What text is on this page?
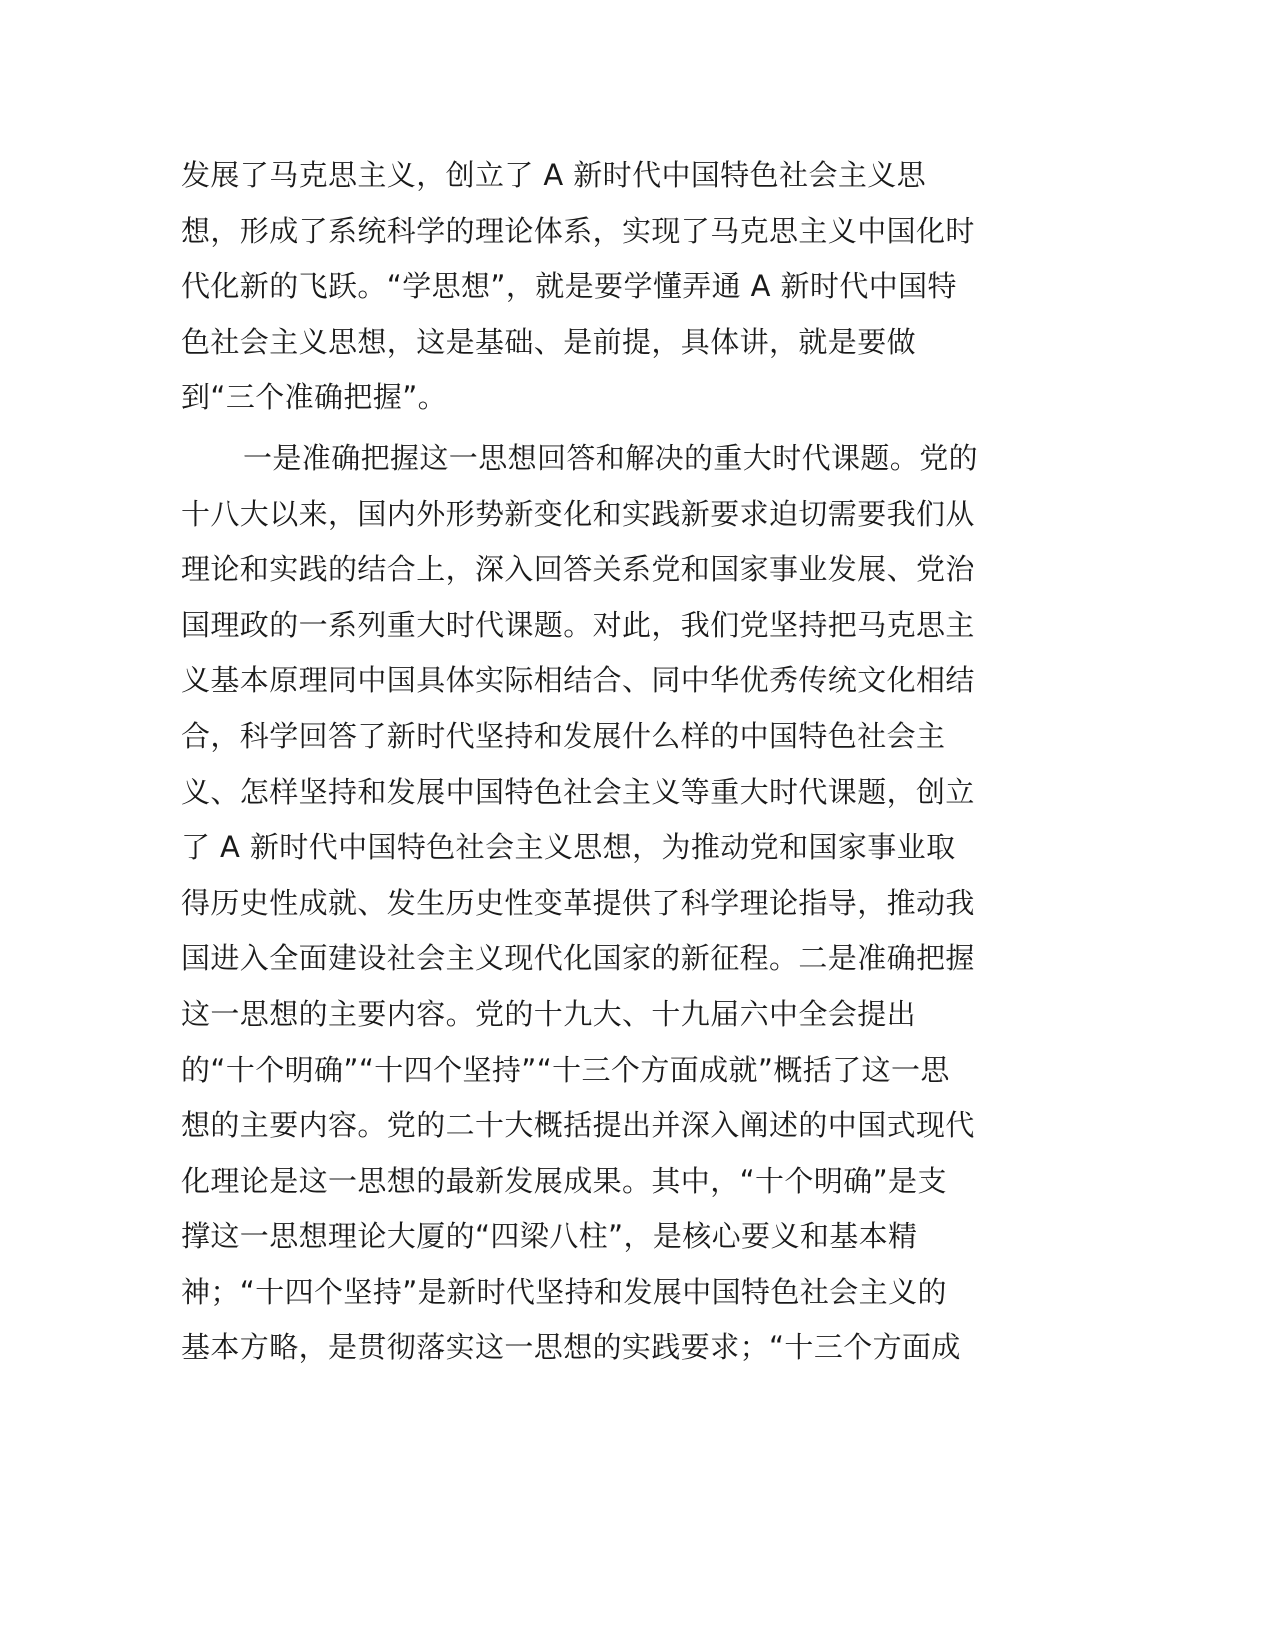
发展了马克思主义，创立了 A 新时代中国特色社会主义思
想，形成了系统科学的理论体系，实现了马克思主义中国化时
代化新的飞跃。“学思想”，就是要学懂弄通 A 新时代中国特
色社会主义思想，这是基础、是前提，具体讲，就是要做
到“三个准确把握”。
一是准确把握这一思想回答和解决的重大时代课题。党的
十八大以来，国内外形势新变化和实践新要求迫切需要我们从
理论和实践的结合上，深入回答关系党和国家事业发展、党治
国理政的一系列重大时代课题。对此，我们党坚持把马克思主
义基本原理同中国具体实际相结合、同中华优秀传统文化相结
合，科学回答了新时代坚持和发展什么样的中国特色社会主
义、怎样坚持和发展中国特色社会主义等重大时代课题，创立
了 A 新时代中国特色社会主义思想，为推动党和国家事业取
得历史性成就、发生历史性变革提供了科学理论指导，推动我
国进入全面建设社会主义现代化国家的新征程。二是准确把握
这一思想的主要内容。党的十九大、十九届六中全会提出
的“十个明确”“十四个坚持”“十三个方面成就”概括了这一思
想的主要内容。党的二十大概括提出并深入阐述的中国式现代
化理论是这一思想的最新发展成果。其中，“十个明确”是支
撑这一思想理论大厦的“四梁八柱”，是核心要义和基本精
神；“十四个坚持”是新时代坚持和发展中国特色社会主义的
基本方略，是贯彻落实这一思想的实践要求；“十三个方面成
